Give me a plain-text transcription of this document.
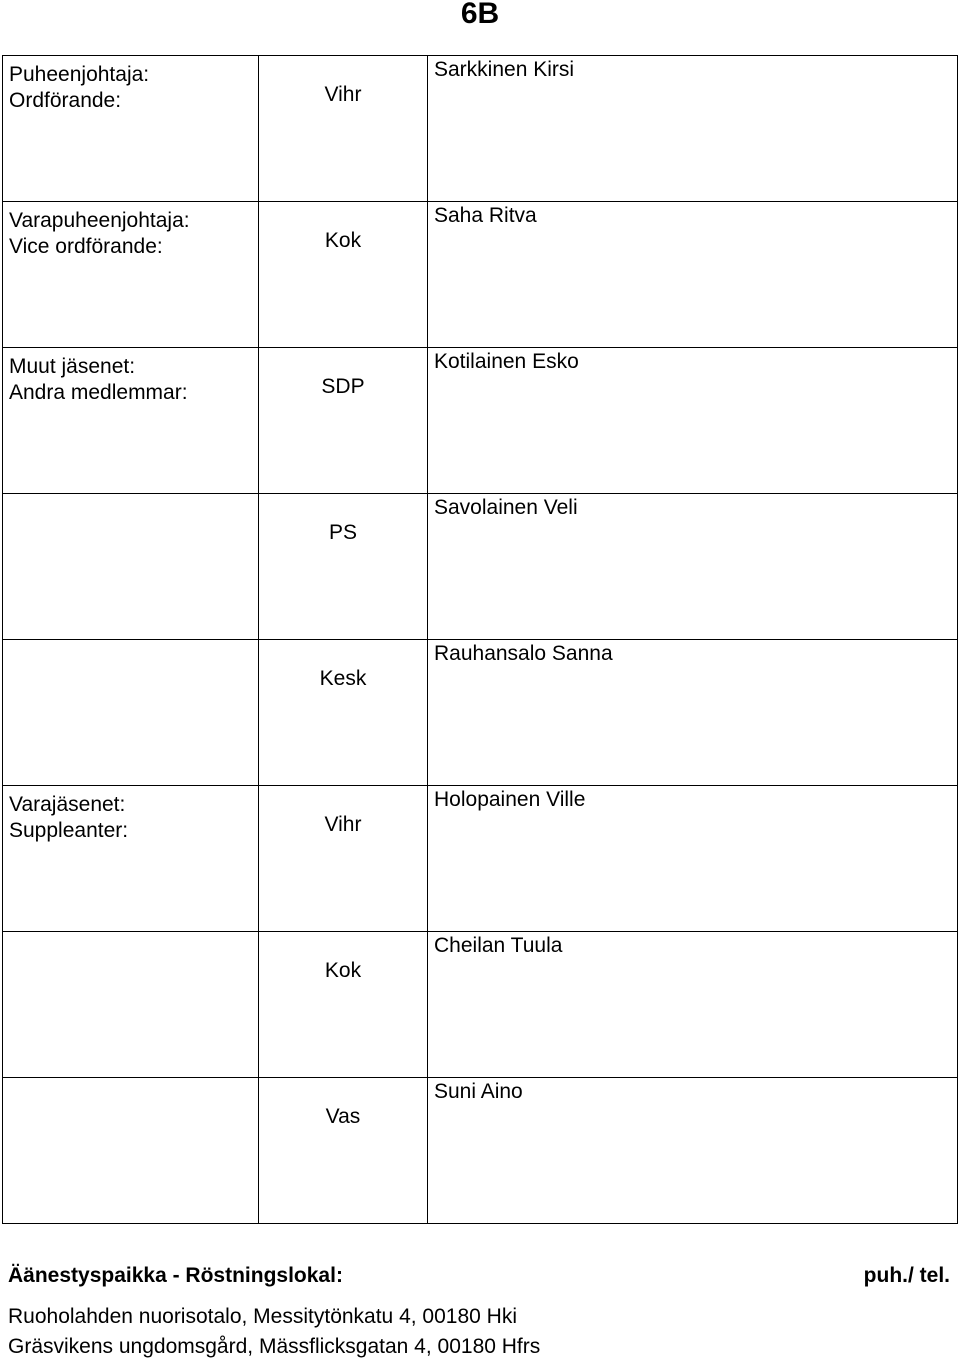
6B
Puheenjohtaja:
Ordförande:	Vihr	Sarkkinen Kirsi

Varapuheenjohtaja:
Vice ordförande:	Kok	Saha Ritva

Muut jäsenet:
Andra medlemmar:	SDP	Kotilainen Esko

	PS	Savolainen Veli

	Kesk	Rauhansalo Sanna

Varajäsenet:
Suppleanter:	Vihr	Holopainen Ville

	Kok	Cheilan Tuula

	Vas	Suni Aino
Äänestyspaikka - Röstningslokal:	puh./ tel.
Ruoholahden nuorisotalo, Messitytönkatu 4, 00180 Hki
Gräsvikens ungdomsgård, Mässflicksgatan 4, 00180 Hfrs
